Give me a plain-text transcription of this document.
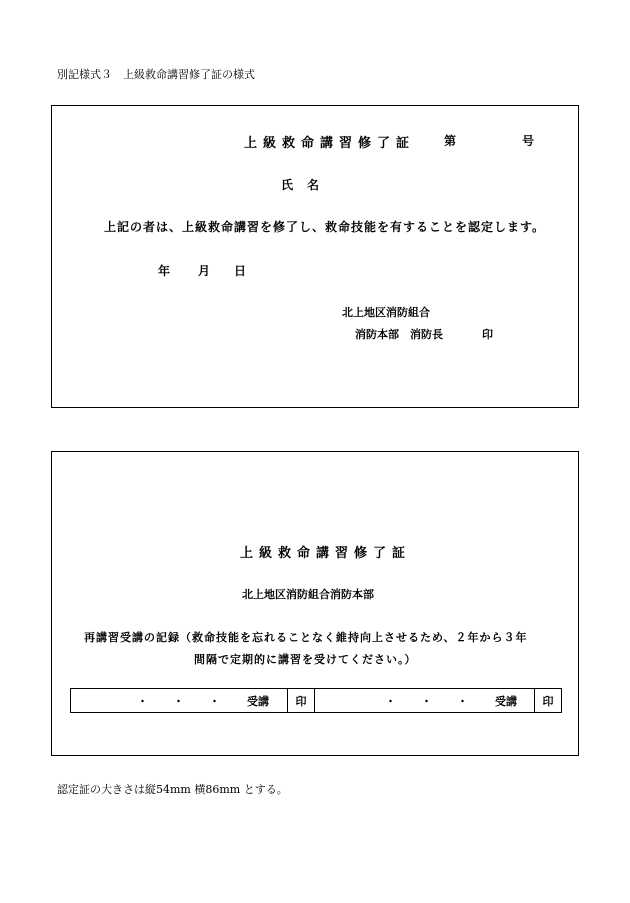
別記様式３　上級救命講習修了証の様式
上級救命講習修了証 第	号
氏名
上記の者は、上級救命講習を修了し、救命技能を有することを認定します。
年 月 日
北上地区消防組合
消防本部　消防長	印
上級救命講習修了証
北上地区消防組合消防本部
再講習受講の記録（救命技能を忘れることなく維持向上させるため、２年から３年
間隔で定期的に講習を受けてください。）
・ ・ ・ 受講	印	・ ・ ・ 受講	印
認定証の大きさは縦54mm 横86mm とする。
